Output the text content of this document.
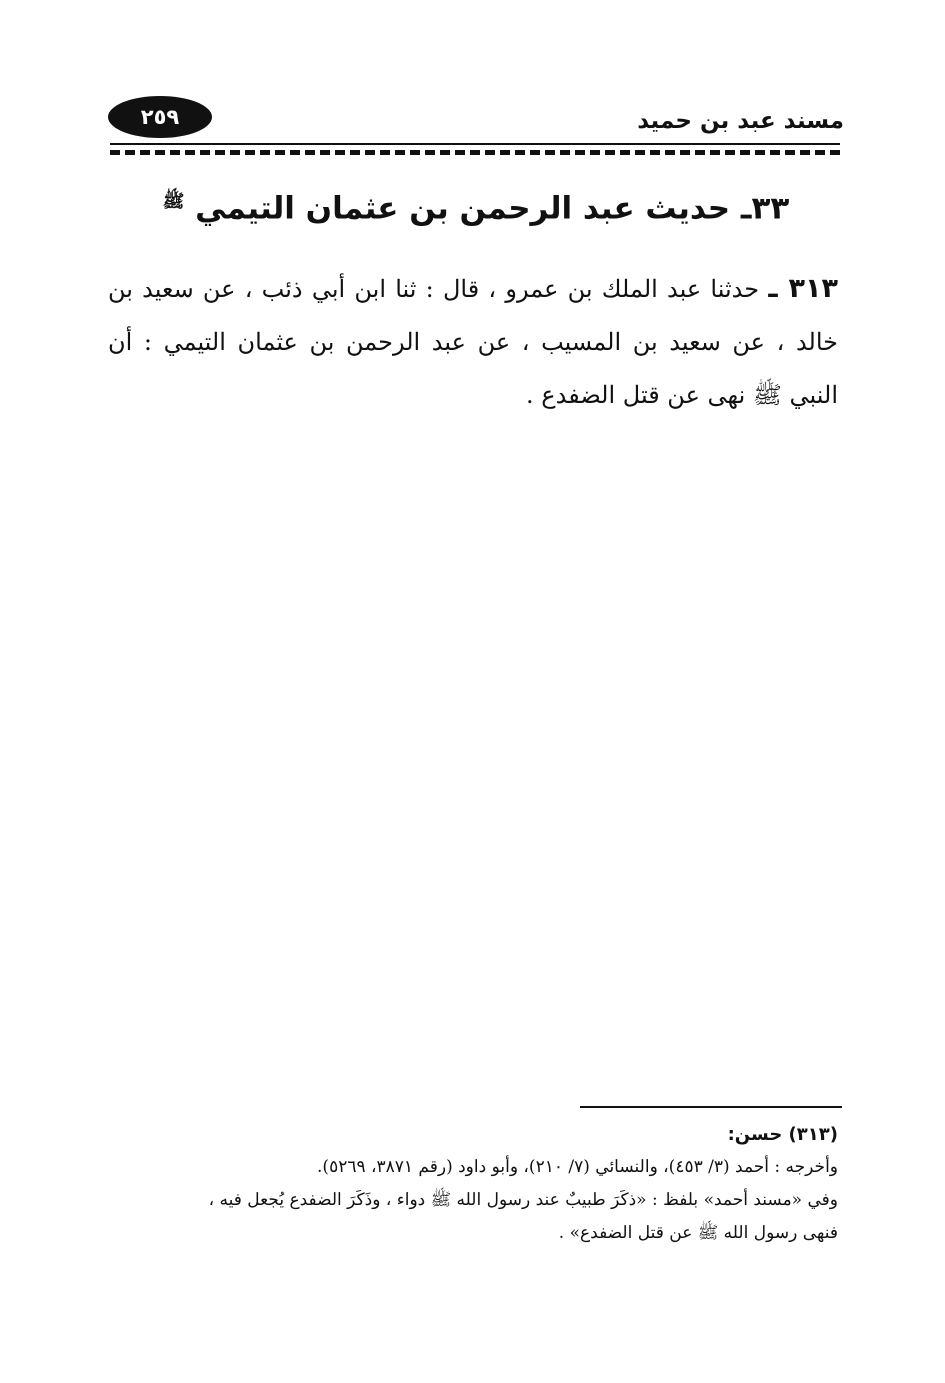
مسند عبد بن حميد
٢٥٩
٣٣ـ حديث عبد الرحمن بن عثمان التيمي $^ﷺ$
٣١٣ ـ حدثنا عبد الملك بن عمرو ، قال : ثنا ابن أبي ذئب ، عن سعيد بن خالد ، عن سعيد بن المسيب ، عن عبد الرحمن بن عثمان التيمي : أن النبي ﷺ نهى عن قتل الضفدع .
(٣١٣) حسن:
وأخرجه : أحمد (٣/ ٤٥٣)، والنسائي (٧/ ٢١٠)، وأبو داود (رقم ٣٨٧١، ٥٢٦٩).
وفي «مسند أحمد» بلفظ : «ذكَرَ طبيبٌ عند رسول الله ﷺ دواء ، وذَكَرَ الضفدع يُجعل فيه ،
فنهى رسول الله ﷺ عن قتل الضفدع» .
